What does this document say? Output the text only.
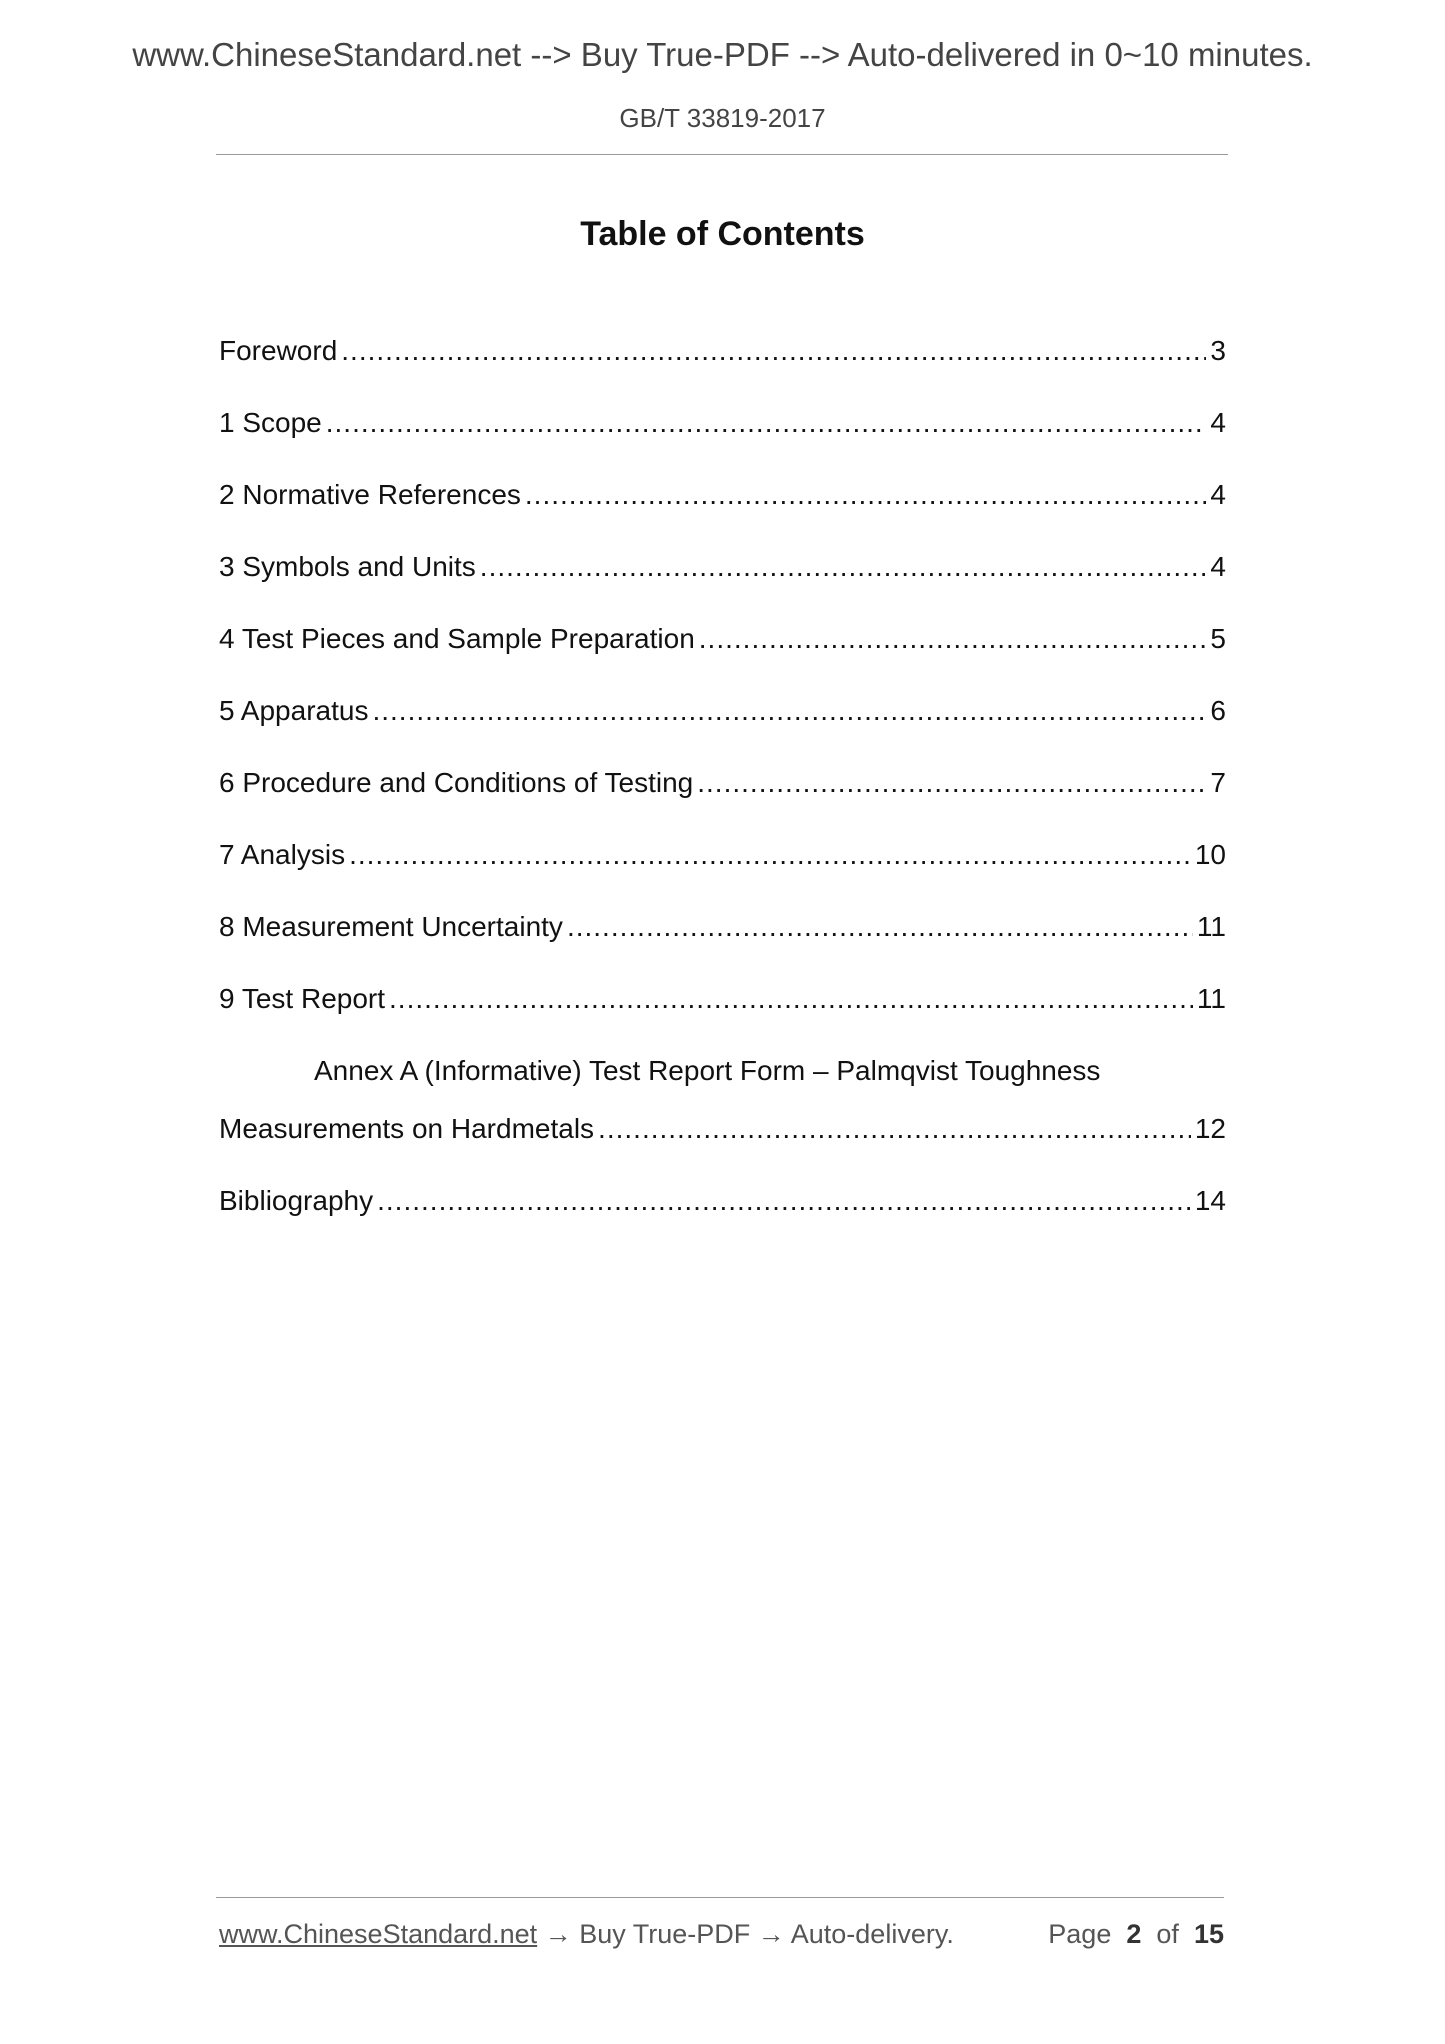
www.ChineseStandard.net --> Buy True-PDF --> Auto-delivered in 0~10 minutes.
GB/T 33819-2017
Table of Contents
Foreword .....	3
1 Scope .....	4
2 Normative References .....	4
3 Symbols and Units .....	4
4 Test Pieces and Sample Preparation .....	5
5 Apparatus .....	6
6 Procedure and Conditions of Testing .....	7
7 Analysis .....	10
8 Measurement Uncertainty .....	11
9 Test Report .....	11
Annex A (Informative) Test Report Form – Palmqvist Toughness
Measurements on Hardmetals .....	12
Bibliography .....	14
www.ChineseStandard.net → Buy True-PDF → Auto-delivery.	Page 2 of 15
